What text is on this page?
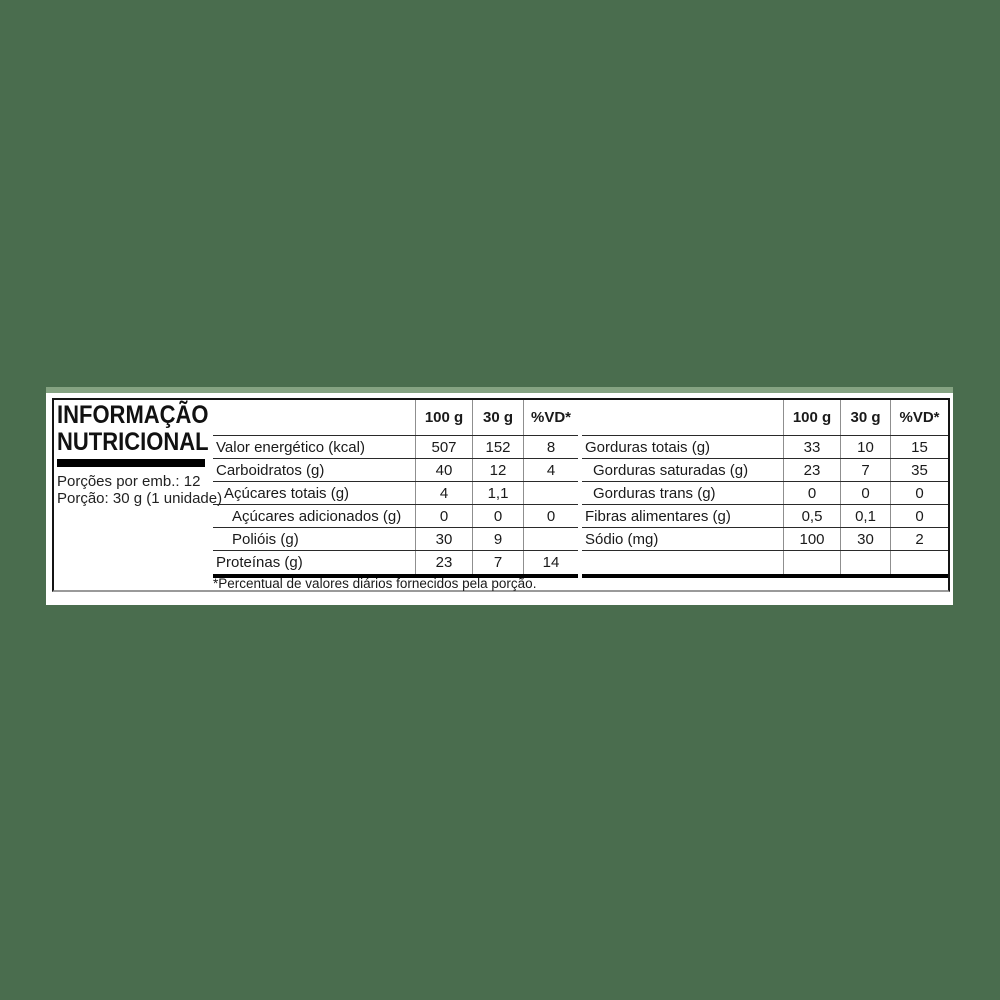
INFORMAÇÃO
NUTRICIONAL
Porções por emb.: 12
Porção: 30 g (1 unidade)
100 g	30 g	%VD*
Valor energético (kcal)	507	152	8
Carboidratos (g)	40	12	4
Açúcares totais (g)	4	1,1
Açúcares adicionados (g)	0	0	0
Polióis (g)	30	9
Proteínas (g)	23	7	14
100 g	30 g	%VD*
Gorduras totais (g)	33	10	15
Gorduras saturadas (g)	23	7	35
Gorduras trans (g)	0	0	0
Fibras alimentares (g)	0,5	0,1	0
Sódio (mg)	100	30	2
*Percentual de valores diários fornecidos pela porção.
